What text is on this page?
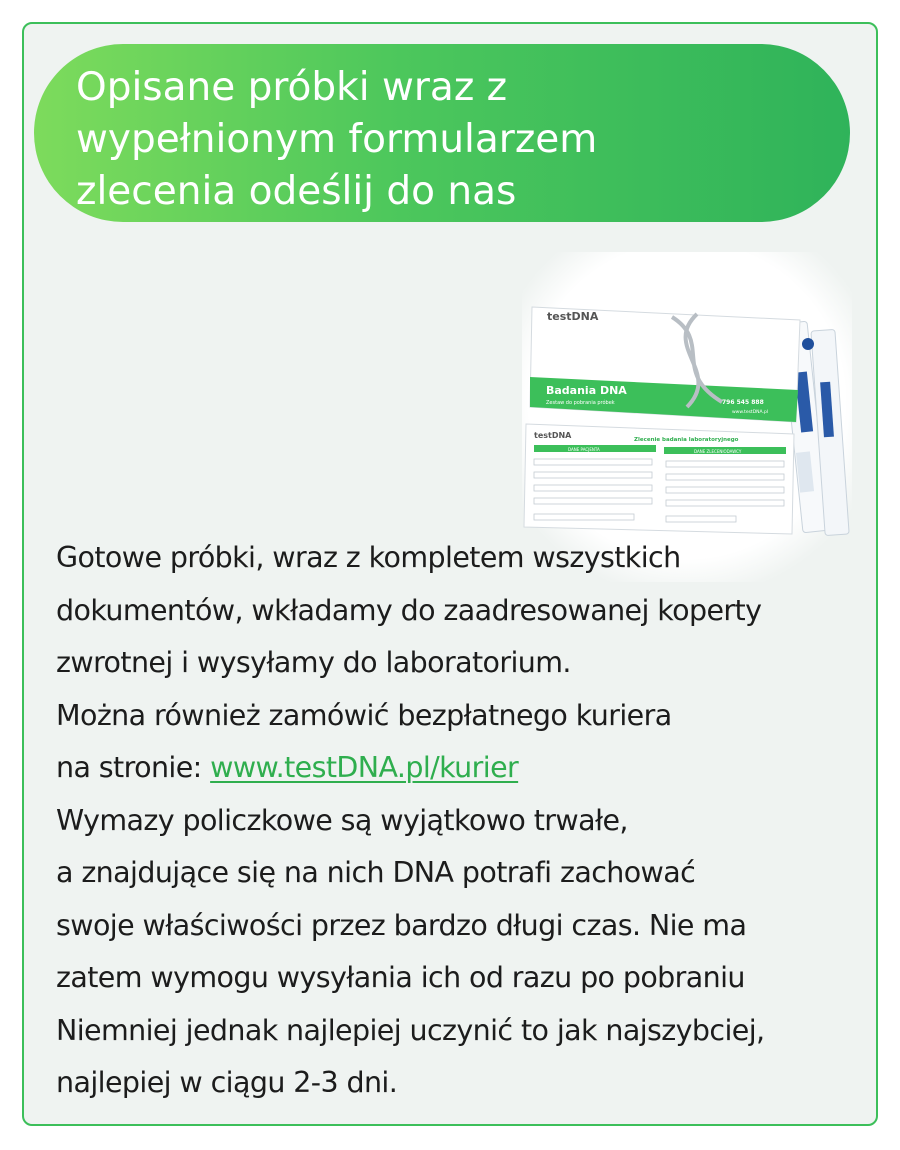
Opisane próbki wraz z
wypełnionym formularzem
zlecenia odeślij do nas
testDNA
Badania DNA
Zestaw do pobrania próbek	796 545 888
www.testDNA.pl
testDNA	Zlecenie badania laboratoryjnego
DANE PACJENTA	DANE ZLECENIODAWCY

Gotowe próbki, wraz z kompletem wszystkich

dokumentów, wkładamy do zaadresowanej koperty

zwrotnej i wysyłamy do laboratorium.

Można również zamówić bezpłatnego kuriera

na stronie: www.testDNA.pl/kurier

Wymazy policzkowe są wyjątkowo trwałe,

a znajdujące się na nich DNA potrafi zachować

swoje właściwości przez bardzo długi czas. Nie ma

zatem wymogu wysyłania ich od razu po pobraniu

Niemniej jednak najlepiej uczynić to jak najszybciej,

najlepiej w ciągu 2-3 dni.
